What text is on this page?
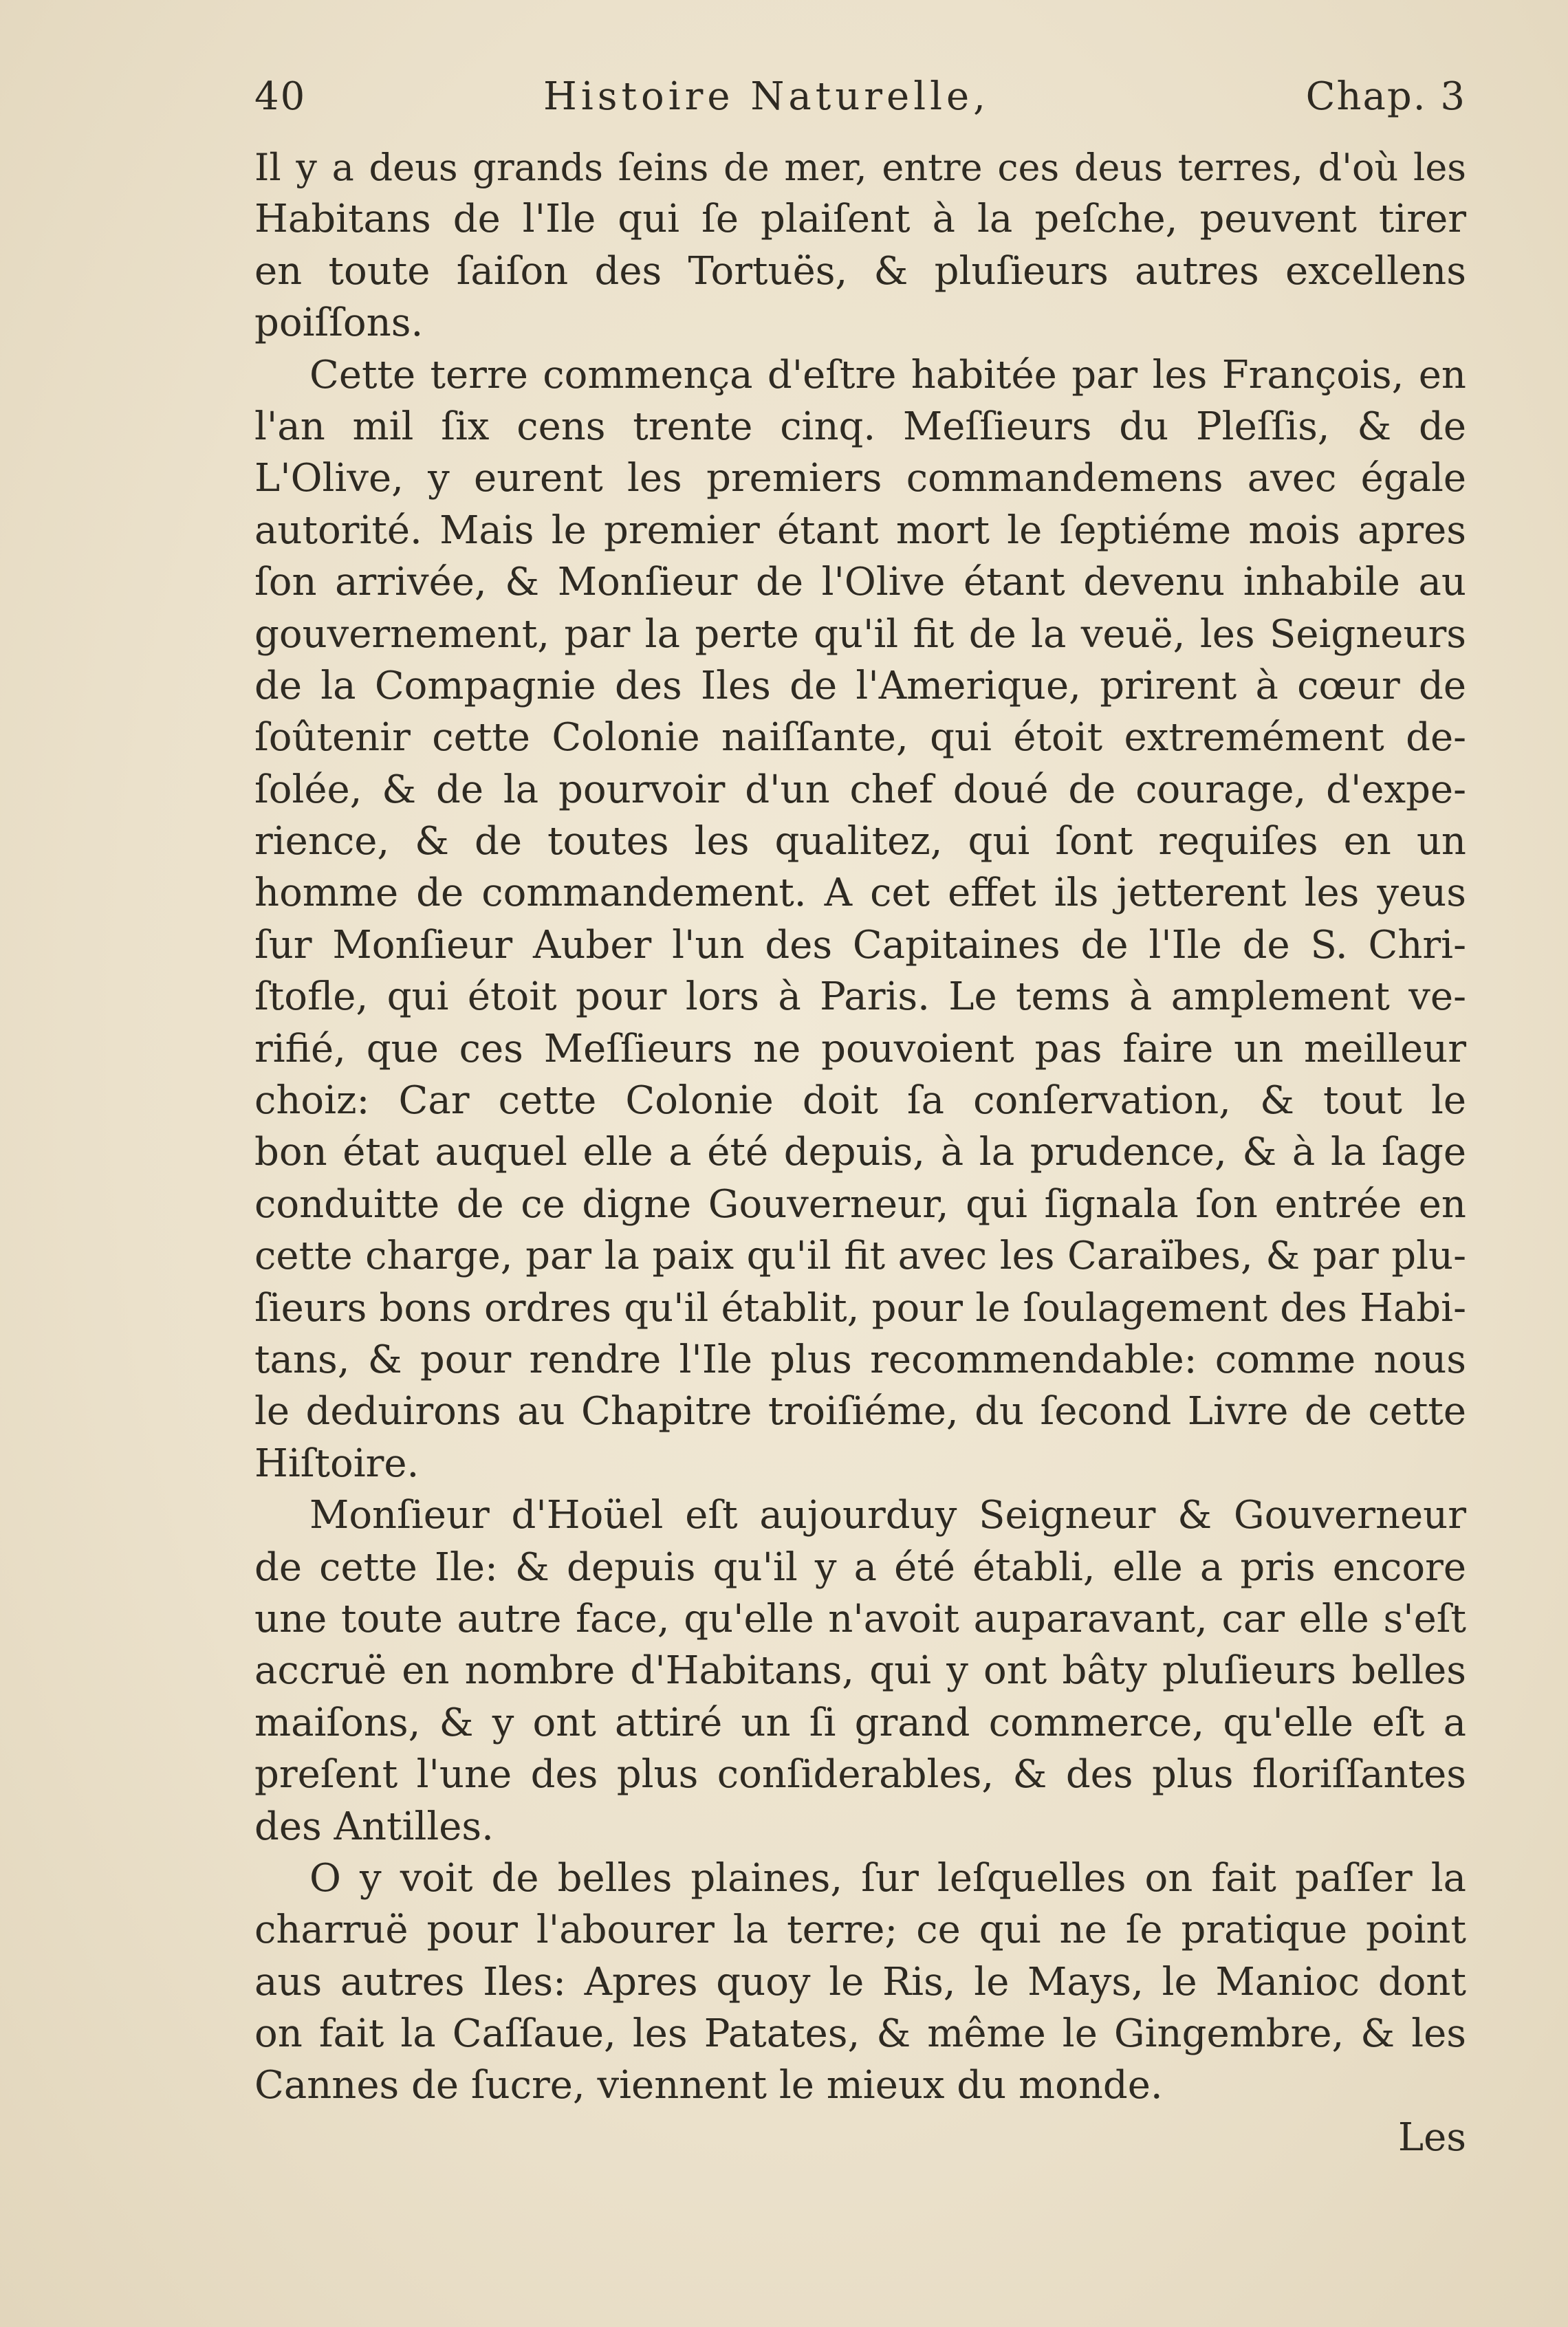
40	Histoire Naturelle,	Chap. 3
Il y a deus grands ſeins de mer, entre ces deus terres, d'où les
Habitans de l'Ile qui ſe plaiſent à la peſche, peuvent tirer
en toute ſaiſon des Tortuës, & pluſieurs autres excellens
poiſſons.
Cette terre commença d'eſtre habitée par les François, en
l'an mil ſix cens trente cinq. Meſſieurs du Pleſſis, & de
L'Olive, y eurent les premiers commandemens avec égale
autorité. Mais le premier étant mort le ſeptiéme mois apres
ſon arrivée, & Monſieur de l'Olive étant devenu inhabile au
gouvernement, par la perte qu'il fit de la veuë, les Seigneurs
de la Compagnie des Iles de l'Amerique, prirent à cœur de
ſoûtenir cette Colonie naiſſante, qui étoit extremément de-
ſolée, & de la pourvoir d'un chef doué de courage, d'expe-
rience, & de toutes les qualitez, qui ſont requiſes en un
homme de commandement. A cet effet ils jetterent les yeus
ſur Monſieur Auber l'un des Capitaines de l'Ile de S. Chri-
ſtofle, qui étoit pour lors à Paris. Le tems à amplement ve-
rifié, que ces Meſſieurs ne pouvoient pas faire un meilleur
choiz: Car cette Colonie doit ſa conſervation, & tout le
bon état auquel elle a été depuis, à la prudence, & à la ſage
conduitte de ce digne Gouverneur, qui ſignala ſon entrée en
cette charge, par la paix qu'il fit avec les Caraïbes, & par plu-
ſieurs bons ordres qu'il établit, pour le ſoulagement des Habi-
tans, & pour rendre l'Ile plus recommendable: comme nous
le deduirons au Chapitre troiſiéme, du ſecond Livre de cette
Hiſtoire.
Monſieur d'Hoüel eſt aujourduy Seigneur & Gouverneur
de cette Ile: & depuis qu'il y a été établi, elle a pris encore
une toute autre face, qu'elle n'avoit auparavant, car elle s'eſt
accruë en nombre d'Habitans, qui y ont bâty pluſieurs belles
maiſons, & y ont attiré un ſi grand commerce, qu'elle eſt a
preſent l'une des plus conſiderables, & des plus floriſſantes
des Antilles.
O y voit de belles plaines, ſur leſquelles on fait paſſer la
charruë pour l'abourer la terre; ce qui ne ſe pratique point
aus autres Iles: Apres quoy le Ris, le Mays, le Manioc dont
on fait la Caſſaue, les Patates, & même le Gingembre, & les
Cannes de ſucre, viennent le mieux du monde.
Les
